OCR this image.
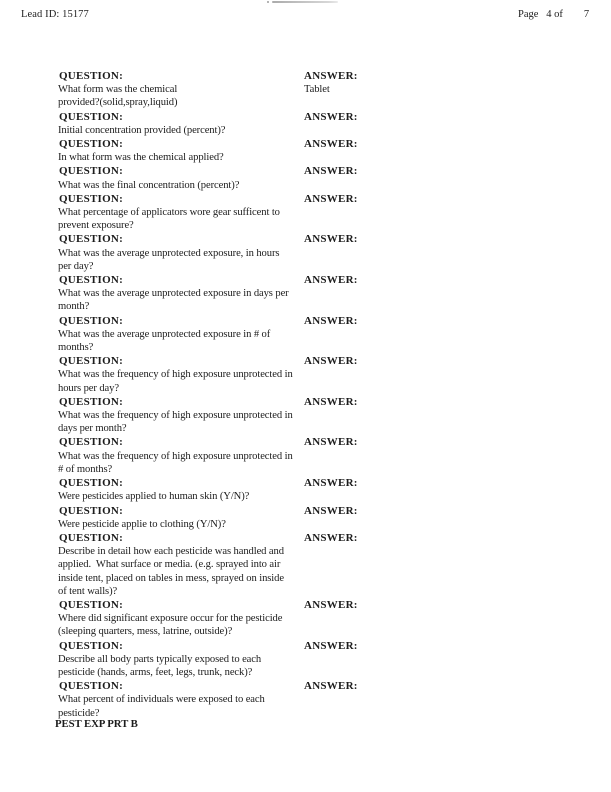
Lead ID: 15177	Page   4 of        7
QUESTION:
What form was the chemical
provided?(solid,spray,liquid)
ANSWER:
Tablet
QUESTION:
Initial concentration provided (percent)?
ANSWER:
QUESTION:
In what form was the chemical applied?
ANSWER:
QUESTION:
What was the final concentration (percent)?
ANSWER:
QUESTION:
What percentage of applicators wore gear sufficent to
prevent exposure?
ANSWER:
QUESTION:
What was the average unprotected exposure, in hours
per day?
ANSWER:
QUESTION:
What was the average unprotected exposure in days per
month?
ANSWER:
QUESTION:
What was the average unprotected exposure in # of
months?
ANSWER:
QUESTION:
What was the frequency of high exposure unprotected in
hours per day?
ANSWER:
QUESTION:
What was the frequency of high exposure unprotected in
days per month?
ANSWER:
QUESTION:
What was the frequency of high exposure unprotected in
# of months?
ANSWER:
QUESTION:
Were pesticides applied to human skin (Y/N)?
ANSWER:
QUESTION:
Were pesticide applie to clothing (Y/N)?
ANSWER:
QUESTION:
Describe in detail how each pesticide was handled and
applied.  What surface or media. (e.g. sprayed into air
inside tent, placed on tables in mess, sprayed on inside
of tent walls)?
ANSWER:
QUESTION:
Where did significant exposure occur for the pesticide
(sleeping quarters, mess, latrine, outside)?
ANSWER:
QUESTION:
Describe all body parts typically exposed to each
pesticide (hands, arms, feet, legs, trunk, neck)?
ANSWER:
QUESTION:
What percent of individuals were exposed to each
pesticide?
ANSWER:
PEST EXP PRT B
